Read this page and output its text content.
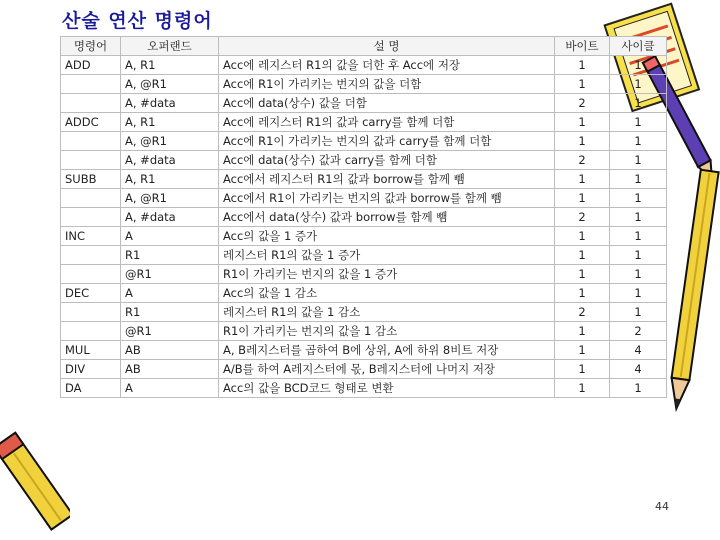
산술 연산 명령어
명령어	오퍼랜드	설 명	바이트	사이클
ADD	A, R1	Acc에 레지스터 R1의 값을 더한 후 Acc에 저장	1	1
	A, @R1	Acc에 R1이 가리키는 번지의 값을 더함	1	1
	A, #data	Acc에 data(상수) 값을 더함	2	1
ADDC	A, R1	Acc에 레지스터 R1의 값과 carry를 함께 더함	1	1
	A, @R1	Acc에 R1이 가리키는 번지의 값과 carry를 함께 더함	1	1
	A, #data	Acc에 data(상수) 값과 carry를 함께 더함	2	1
SUBB	A, R1	Acc에서 레지스터 R1의 값과 borrow를 함께 뺌	1	1
	A, @R1	Acc에서 R1이 가리키는 번지의 값과 borrow를 함께 뺌	1	1
	A, #data	Acc에서 data(상수) 값과 borrow를 함께 뺌	2	1
INC	A	Acc의 값을 1 증가	1	1
	R1	레지스터 R1의 값을 1 증가	1	1
	@R1	R1이 가리키는 번지의 값을 1 증가	1	1
DEC	A	Acc의 값을 1 감소	1	1
	R1	레지스터 R1의 값을 1 감소	2	1
	@R1	R1이 가리키는 번지의 값을 1 감소	1	2
MUL	AB	A, B레지스터를 곱하여 B에 상위, A에 하위 8비트 저장	1	4
DIV	AB	A/B를 하여 A레지스터에 몫, B레지스터에 나머지 저장	1	4
DA	A	Acc의 값을 BCD코드 형태로 변환	1	1
44
